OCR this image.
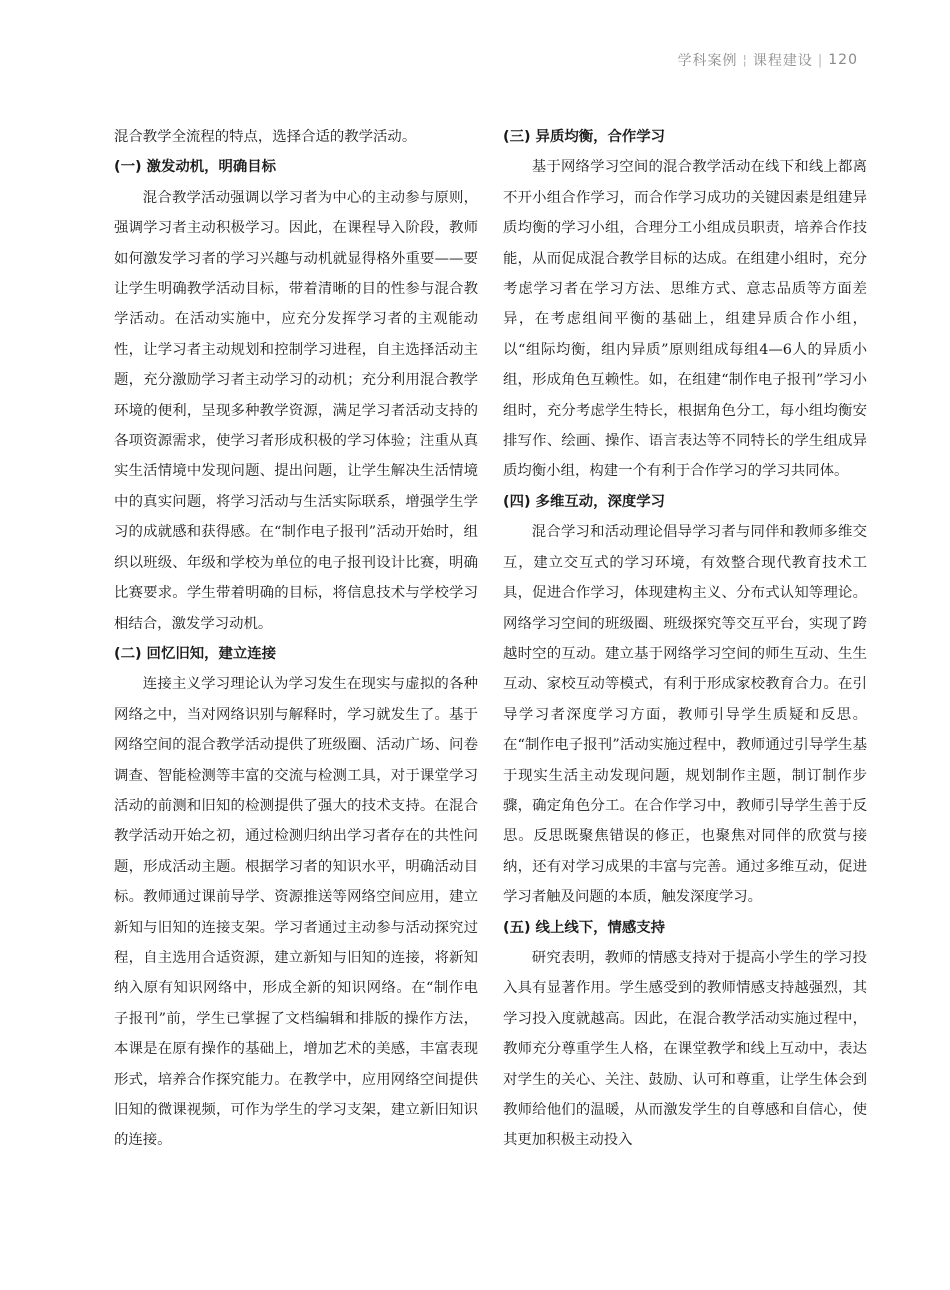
学科案例 ¦ 课程建设 | 120

混合教学全流程的特点，选择合适的教学活动。

(一) 激发动机，明确目标

混合教学活动强调以学习者为中心的主动参与原则，强调学习者主动积极学习。因此，在课程导入阶段，教师如何激发学习者的学习兴趣与动机就显得格外重要——要让学生明确教学活动目标，带着清晰的目的性参与混合教学活动。在活动实施中，应充分发挥学习者的主观能动性，让学习者主动规划和控制学习进程，自主选择活动主题，充分激励学习者主动学习的动机；充分利用混合教学环境的便利，呈现多种教学资源，满足学习者活动支持的各项资源需求，使学习者形成积极的学习体验；注重从真实生活情境中发现问题、提出问题，让学生解决生活情境中的真实问题，将学习活动与生活实际联系，增强学生学习的成就感和获得感。在“制作电子报刊”活动开始时，组织以班级、年级和学校为单位的电子报刊设计比赛，明确比赛要求。学生带着明确的目标，将信息技术与学校学习相结合，激发学习动机。

(二) 回忆旧知，建立连接

连接主义学习理论认为学习发生在现实与虚拟的各种网络之中，当对网络识别与解释时，学习就发生了。基于网络空间的混合教学活动提供了班级圈、活动广场、问卷调查、智能检测等丰富的交流与检测工具，对于课堂学习活动的前测和旧知的检测提供了强大的技术支持。在混合教学活动开始之初，通过检测归纳出学习者存在的共性问题，形成活动主题。根据学习者的知识水平，明确活动目标。教师通过课前导学、资源推送等网络空间应用，建立新知与旧知的连接支架。学习者通过主动参与活动探究过程，自主选用合适资源，建立新知与旧知的连接，将新知纳入原有知识网络中，形成全新的知识网络。在“制作电子报刊”前，学生已掌握了文档编辑和排版的操作方法，本课是在原有操作的基础上，增加艺术的美感，丰富表现形式，培养合作探究能力。在教学中，应用网络空间提供旧知的微课视频，可作为学生的学习支架，建立新旧知识的连接。

(三) 异质均衡，合作学习

基于网络学习空间的混合教学活动在线下和线上都离不开小组合作学习，而合作学习成功的关键因素是组建异质均衡的学习小组，合理分工小组成员职责，培养合作技能，从而促成混合教学目标的达成。在组建小组时，充分考虑学习者在学习方法、思维方式、意志品质等方面差异，在考虑组间平衡的基础上，组建异质合作小组，以“组际均衡，组内异质”原则组成每组4—6人的异质小组，形成角色互赖性。如，在组建“制作电子报刊”学习小组时，充分考虑学生特长，根据角色分工，每小组均衡安排写作、绘画、操作、语言表达等不同特长的学生组成异质均衡小组，构建一个有利于合作学习的学习共同体。

(四) 多维互动，深度学习

混合学习和活动理论倡导学习者与同伴和教师多维交互，建立交互式的学习环境，有效整合现代教育技术工具，促进合作学习，体现建构主义、分布式认知等理论。网络学习空间的班级圈、班级探究等交互平台，实现了跨越时空的互动。建立基于网络学习空间的师生互动、生生互动、家校互动等模式，有利于形成家校教育合力。在引导学习者深度学习方面，教师引导学生质疑和反思。在“制作电子报刊”活动实施过程中，教师通过引导学生基于现实生活主动发现问题，规划制作主题，制订制作步骤，确定角色分工。在合作学习中，教师引导学生善于反思。反思既聚焦错误的修正，也聚焦对同伴的欣赏与接纳，还有对学习成果的丰富与完善。通过多维互动，促进学习者触及问题的本质，触发深度学习。

(五) 线上线下，情感支持

研究表明，教师的情感支持对于提高小学生的学习投入具有显著作用。学生感受到的教师情感支持越强烈，其学习投入度就越高。因此，在混合教学活动实施过程中，教师充分尊重学生人格，在课堂教学和线上互动中，表达对学生的关心、关注、鼓励、认可和尊重，让学生体会到教师给他们的温暖，从而激发学生的自尊感和自信心，使其更加积极主动投入
